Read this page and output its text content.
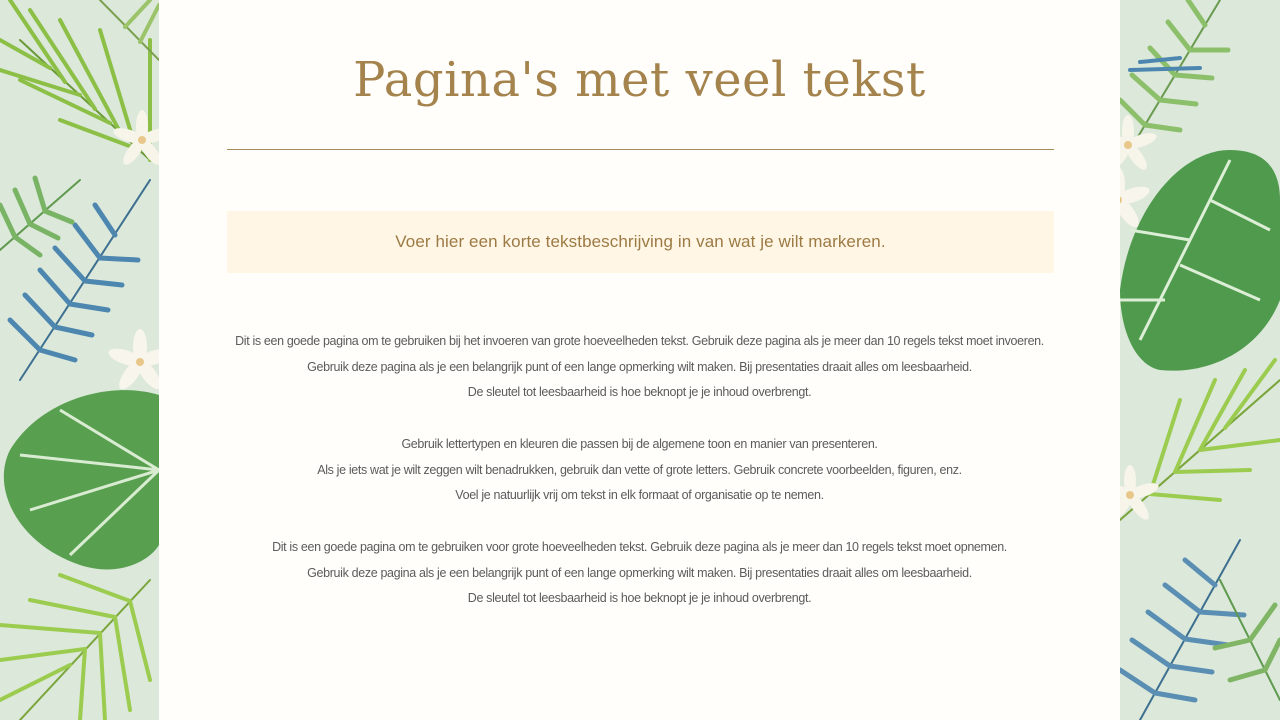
Pagina's met veel tekst
Voer hier een korte tekstbeschrijving in van wat je wilt markeren.
Dit is een goede pagina om te gebruiken bij het invoeren van grote hoeveelheden tekst. Gebruik deze pagina als je meer dan 10 regels tekst moet invoeren.
Gebruik deze pagina als je een belangrijk punt of een lange opmerking wilt maken. Bij presentaties draait alles om leesbaarheid.
De sleutel tot leesbaarheid is hoe beknopt je je inhoud overbrengt.
Gebruik lettertypen en kleuren die passen bij de algemene toon en manier van presenteren.
Als je iets wat je wilt zeggen wilt benadrukken, gebruik dan vette of grote letters. Gebruik concrete voorbeelden, figuren, enz.
Voel je natuurlijk vrij om tekst in elk formaat of organisatie op te nemen.
Dit is een goede pagina om te gebruiken voor grote hoeveelheden tekst. Gebruik deze pagina als je meer dan 10 regels tekst moet opnemen.
Gebruik deze pagina als je een belangrijk punt of een lange opmerking wilt maken. Bij presentaties draait alles om leesbaarheid.
De sleutel tot leesbaarheid is hoe beknopt je je inhoud overbrengt.
